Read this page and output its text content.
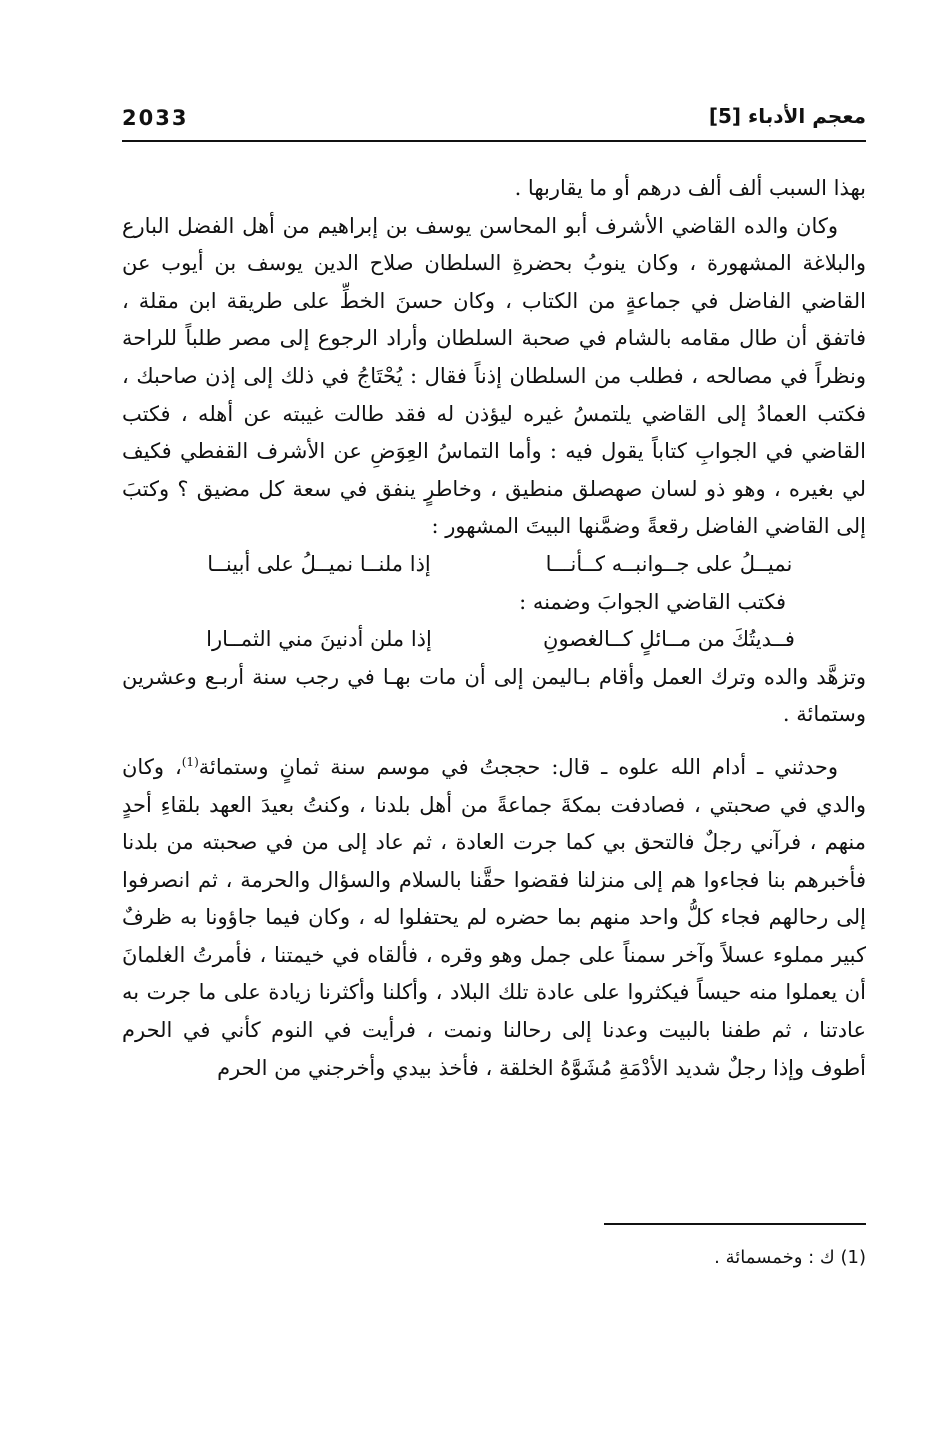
2033	معجم الأدباء [5]

بهذا السبب ألف ألف درهم أو ما يقاربها .

وكان والده القاضي الأشرف أبو المحاسن يوسف بن إبراهيم من أهل الفضل البارع والبلاغة المشهورة ، وكان ينوبُ بحضرةِ السلطان صلاح الدين يوسف بن أيوب عن القاضي الفاضل في جماعةٍ من الكتاب ، وكان حسنَ الخطِّ على طريقة ابن مقلة ، فاتفق أن طال مقامه بالشام في صحبة السلطان وأراد الرجوع إلى مصر طلباً للراحة ونظراً في مصالحه ، فطلب من السلطان إذناً فقال : يُحْتَاجُ في ذلك إلى إذن صاحبك ، فكتب العمادُ إلى القاضي يلتمسُ غيره ليؤذن له فقد طالت غيبته عن أهله ، فكتب القاضي في الجوابِ كتاباً يقول فيه : وأما التماسُ العِوَضِ عن الأشرف القفطي فكيف لي بغيره ، وهو ذو لسان صهصلق منطيق ، وخاطرٍ ينفق في سعة كل مضيق ؟ وكتبَ إلى القاضي الفاضل رقعةً وضمَّنها البيتَ المشهور :

نميــلُ على جــوانبــه كــأنـــا
إذا ملنــا نميــلُ على أبينــا

فكتب القاضي الجوابَ وضمنه :

فــديتُكَ من مــائلٍ كــالغصونِ
إذا ملن أدنينَ مني الثمــارا

وتزهَّد والده وترك العمل وأقام بـاليمن إلى أن مات بهـا في رجب سنة أربـع وعشرين وستمائة .

وحدثني ـ أدام الله علوه ـ قال: حججتُ في موسم سنة ثمانٍ وستمائة$^{(1)}$، وكان والدي في صحبتي ، فصادفت بمكةَ جماعةً من أهل بلدنا ، وكنتُ بعيدَ العهد بلقاءِ أحدٍ منهم ، فرآني رجلٌ فالتحق بي كما جرت العادة ، ثم عاد إلى من في صحبته من بلدنا فأخبرهم بنا فجاءوا هم إلى منزلنا فقضوا حقَّنا بالسلام والسؤال والحرمة ، ثم انصرفوا إلى رحالهم فجاء كلُّ واحد منهم بما حضره لم يحتفلوا له ، وكان فيما جاؤونا به ظرفٌ كبير مملوء عسلاً وآخر سمناً على جمل وهو وقره ، فألقاه في خيمتنا ، فأمرتُ الغلمانَ أن يعملوا منه حيساً فيكثروا على عادة تلك البلاد ، وأكلنا وأكثرنا زيادة على ما جرت به عادتنا ، ثم طفنا بالبيت وعدنا إلى رحالنا ونمت ، فرأيت في النوم كأني في الحرم أطوف وإذا رجلٌ شديد الأدْمَةِ مُشَوَّهُ الخلقة ، فأخذ بيدي وأخرجني من الحرم

(1) ك : وخمسمائة .
